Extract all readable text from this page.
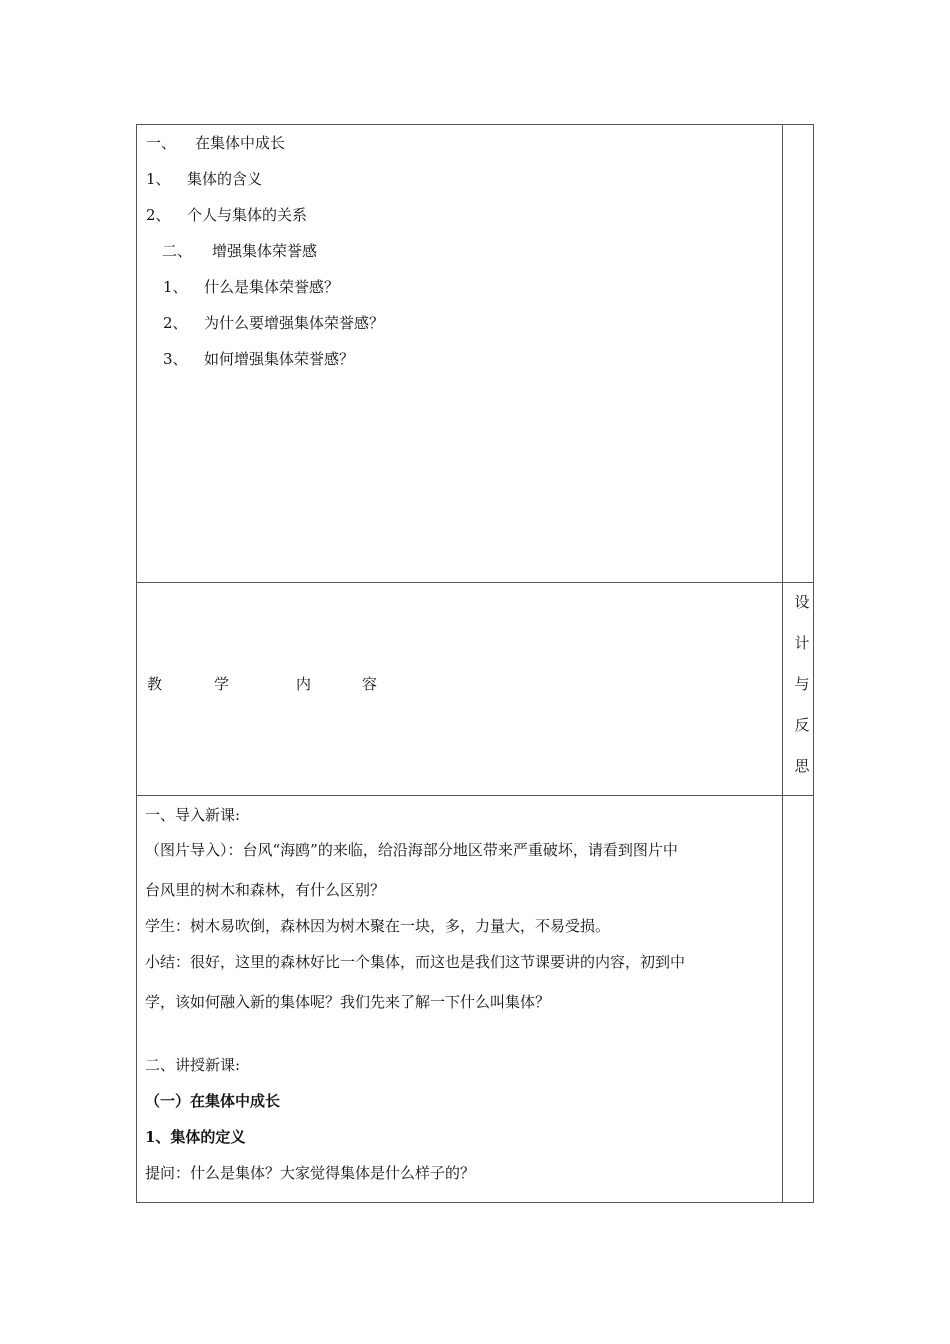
一、 在集体中成长
1、 集体的含义
2、 个人与集体的关系
二、 增强集体荣誉感
1、 什么是集体荣誉感？
2、 为什么要增强集体荣誉感？
3、 如何增强集体荣誉感？
教	学	内	容
设
计
与
反
思
一、导入新课:
（图片导入）：台风“海鸥”的来临，给沿海部分地区带来严重破坏，请看到图片中
台风里的树木和森林，有什么区别？
学生：树木易吹倒，森林因为树木聚在一块，多，力量大，不易受损。
小结：很好，这里的森林好比一个集体，而这也是我们这节课要讲的内容，初到中
学，该如何融入新的集体呢？我们先来了解一下什么叫集体？
二、讲授新课:
（一）在集体中成长
1、集体的定义
提问：什么是集体？大家觉得集体是什么样子的？
